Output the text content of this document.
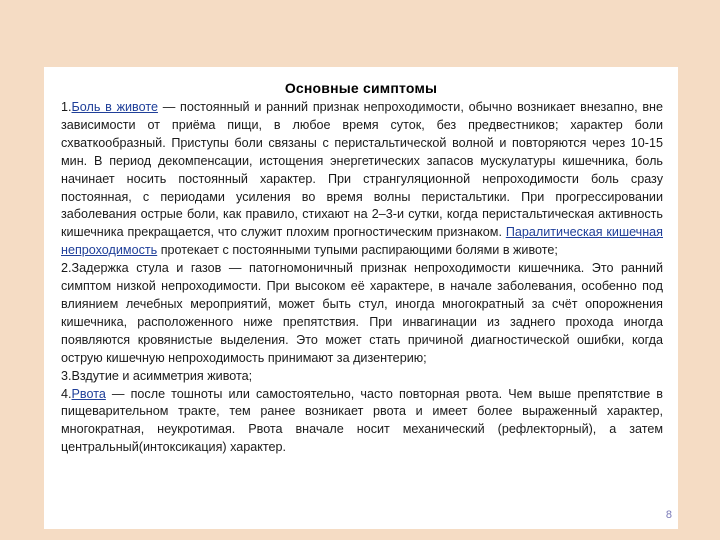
Основные симптомы

1.Боль в животе — постоянный и ранний признак непроходимости, обычно возникает внезапно, вне зависимости от приёма пищи, в любое время суток, без предвестников; характер боли схваткообразный. Приступы боли связаны с перистальтической волной и повторяются через 10-15 мин. В период декомпенсации, истощения энергетических запасов мускулатуры кишечника, боль начинает носить постоянный характер. При странгуляционной непроходимости боль сразу постоянная, с периодами усиления во время волны перистальтики. При прогрессировании заболевания острые боли, как правило, стихают на 2–3-и сутки, когда перистальтическая активность кишечника прекращается, что служит плохим прогностическим признаком. Паралитическая кишечная непроходимость протекает с постоянными тупыми распирающими болями в животе;

2.Задержка стула и газов — патогномоничный признак непроходимости кишечника. Это ранний симптом низкой непроходимости. При высоком её характере, в начале заболевания, особенно под влиянием лечебных мероприятий, может быть стул, иногда многократный за счёт опорожнения кишечника, расположенного ниже препятствия. При инвагинации из заднего прохода иногда появляются кровянистые выделения. Это может стать причиной диагностической ошибки, когда острую кишечную непроходимость принимают за дизентерию;

3.Вздутие и асимметрия живота;

4.Рвота — после тошноты или самостоятельно, часто повторная рвота. Чем выше препятствие в пищеварительном тракте, тем ранее возникает рвота и имеет более выраженный характер, многократная, неукротимая. Рвота вначале носит механический (рефлекторный), а затем центральный(интоксикация) характер.

8
